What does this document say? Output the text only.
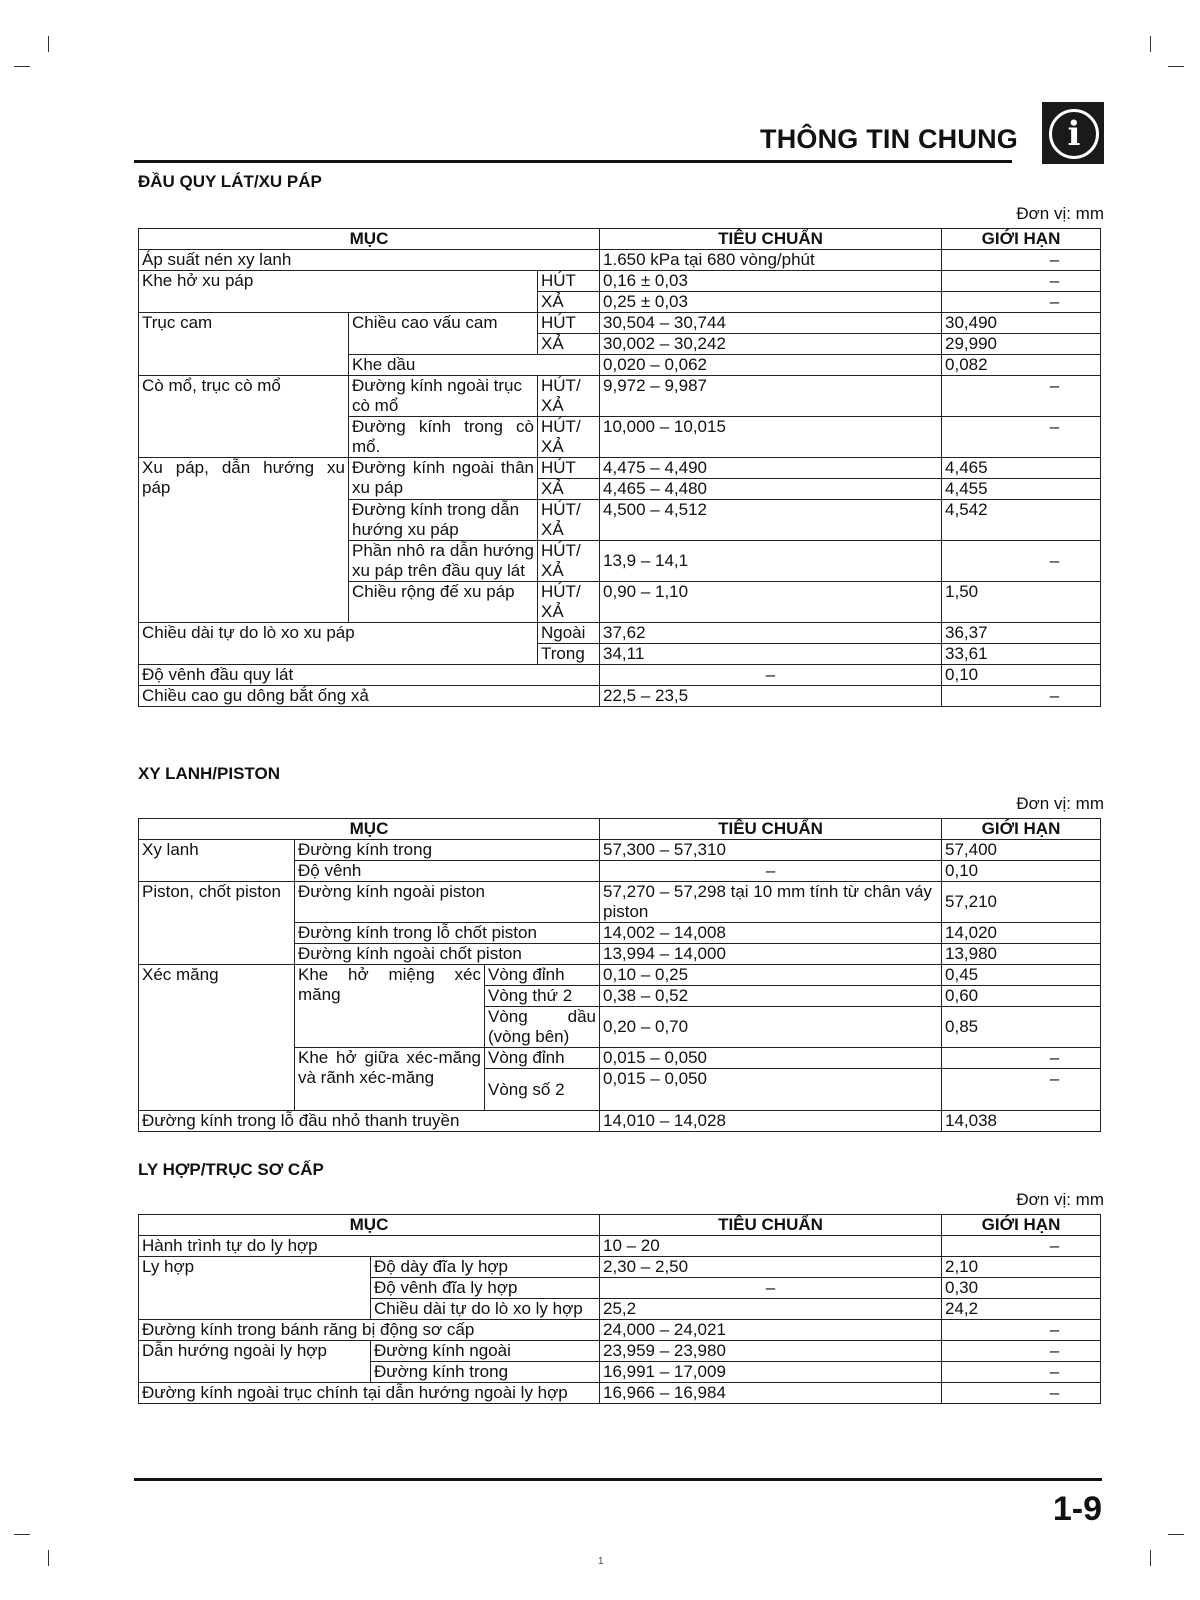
THÔNG TIN CHUNG	i
ĐẦU QUY LÁT/XU PÁP
Đơn vị: mm
MỤC			TIÊU CHUẨN	GIỚI HẠN
Áp suất nén xy lanh			1.650 kPa tại 680 vòng/phút	–
Khe hở xu páp		HÚT	0,16 ± 0,03	–
		XẢ	0,25 ± 0,03	–
Trục cam	Chiều cao vấu cam	HÚT	30,504 – 30,744	30,490
		XẢ	30,002 – 30,242	29,990
	Khe dầu		0,020 – 0,062	0,082
Cò mổ, trục cò mổ	Đường kính ngoài trục cò mổ	HÚT/ XẢ	9,972 – 9,987	–
	Đường kính trong cò mổ.	HÚT/ XẢ	10,000 – 10,015	–
Xu páp, dẫn hướng xu páp	Đường kính ngoài thân xu páp	HÚT	4,475 – 4,490	4,465
		XẢ	4,465 – 4,480	4,455
	Đường kính trong dẫn hướng xu páp	HÚT/ XẢ	4,500 – 4,512	4,542
	Phần nhô ra dẫn hướng xu páp trên đầu quy lát	HÚT/ XẢ	13,9 – 14,1	–
	Chiều rộng đế xu páp	HÚT/ XẢ	0,90 – 1,10	1,50
Chiều dài tự do lò xo xu páp		Ngoài	37,62	36,37
		Trong	34,11	33,61
Độ vênh đầu quy lát			–	0,10
Chiều cao gu dông bắt ống xả			22,5 – 23,5	–
XY LANH/PISTON
Đơn vị: mm
MỤC			TIÊU CHUẨN	GIỚI HẠN
Xy lanh	Đường kính trong		57,300 – 57,310	57,400
	Độ vênh		–	0,10
Piston, chốt piston	Đường kính ngoài piston		57,270 – 57,298 tại 10 mm tính từ chân váy piston	57,210
	Đường kính trong lỗ chốt piston		14,002 – 14,008	14,020
	Đường kính ngoài chốt piston		13,994 – 14,000	13,980
Xéc măng	Khe hở miệng xéc măng	Vòng đỉnh	0,10 – 0,25	0,45
		Vòng thứ 2	0,38 – 0,52	0,60
		Vòng dầu (vòng bên)	0,20 – 0,70	0,85
	Khe hở giữa xéc-măng và rãnh xéc-măng	Vòng đỉnh	0,015 – 0,050	–
		Vòng số 2	0,015 – 0,050	–
Đường kính trong lỗ đầu nhỏ thanh truyền			14,010 – 14,028	14,038
LY HỢP/TRỤC SƠ CẤP
Đơn vị: mm
MỤC		TIÊU CHUẨN	GIỚI HẠN
Hành trình tự do ly hợp		10 – 20	–
Ly hợp	Độ dày đĩa ly hợp	2,30 – 2,50	2,10
	Độ vênh đĩa ly hợp	–	0,30
	Chiều dài tự do lò xo ly hợp	25,2	24,2
Đường kính trong bánh răng bị động sơ cấp		24,000 – 24,021	–
Dẫn hướng ngoài ly hợp	Đường kính ngoài	23,959 – 23,980	–
	Đường kính trong	16,991 – 17,009	–
Đường kính ngoài trục chính tại dẫn hướng ngoài ly hợp		16,966 – 16,984	–
1-9
1
